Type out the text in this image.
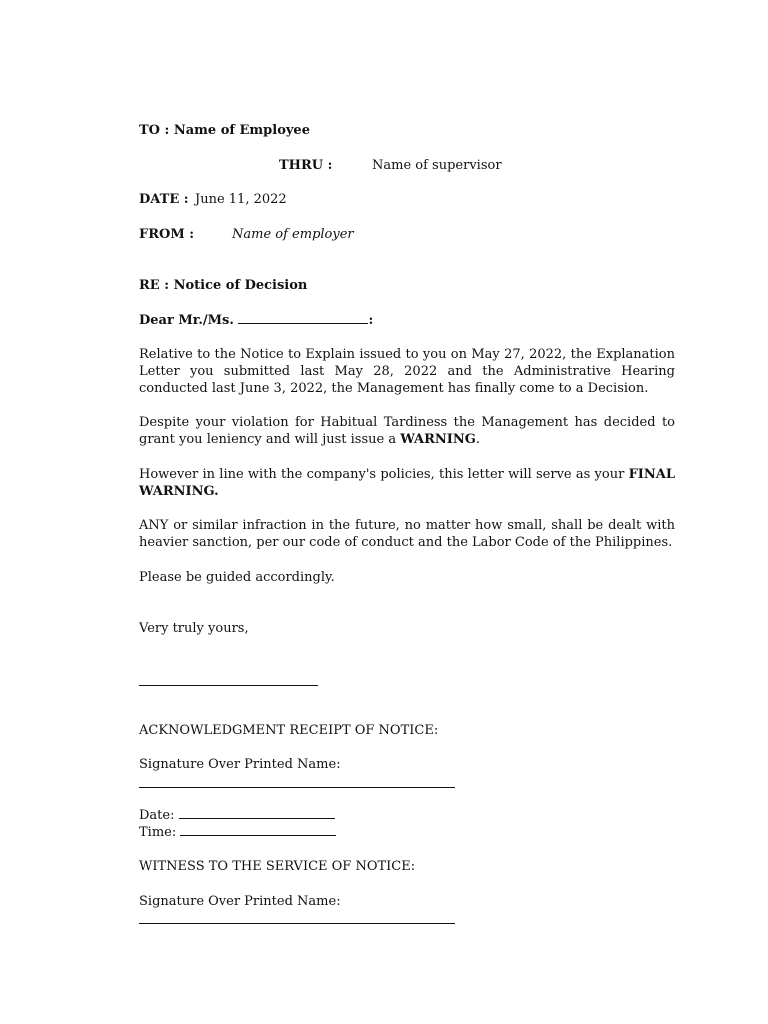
TO : Name of Employee
THRU :	Name of supervisor
DATE : June 11, 2022
FROM :	Name of employer
RE : Notice of Decision
Dear Mr./Ms.	:
Relative to the Notice to Explain issued to you on May 27, 2022, the Explanation Letter you submitted last May 28, 2022 and the Administrative Hearing conducted last June 3, 2022, the Management has finally come to a Decision.
Despite your violation for Habitual Tardiness the Management has decided to grant you leniency and will just issue a WARNING.
However in line with the company's policies, this letter will serve as your FINAL WARNING.
ANY or similar infraction in the future, no matter how small, shall be dealt with heavier sanction, per our code of conduct and the Labor Code of the Philippines.
Please be guided accordingly.
Very truly yours,
ACKNOWLEDGMENT RECEIPT OF NOTICE:
Signature Over Printed Name:
Date:
Time:
WITNESS TO THE SERVICE OF NOTICE:
Signature Over Printed Name:
